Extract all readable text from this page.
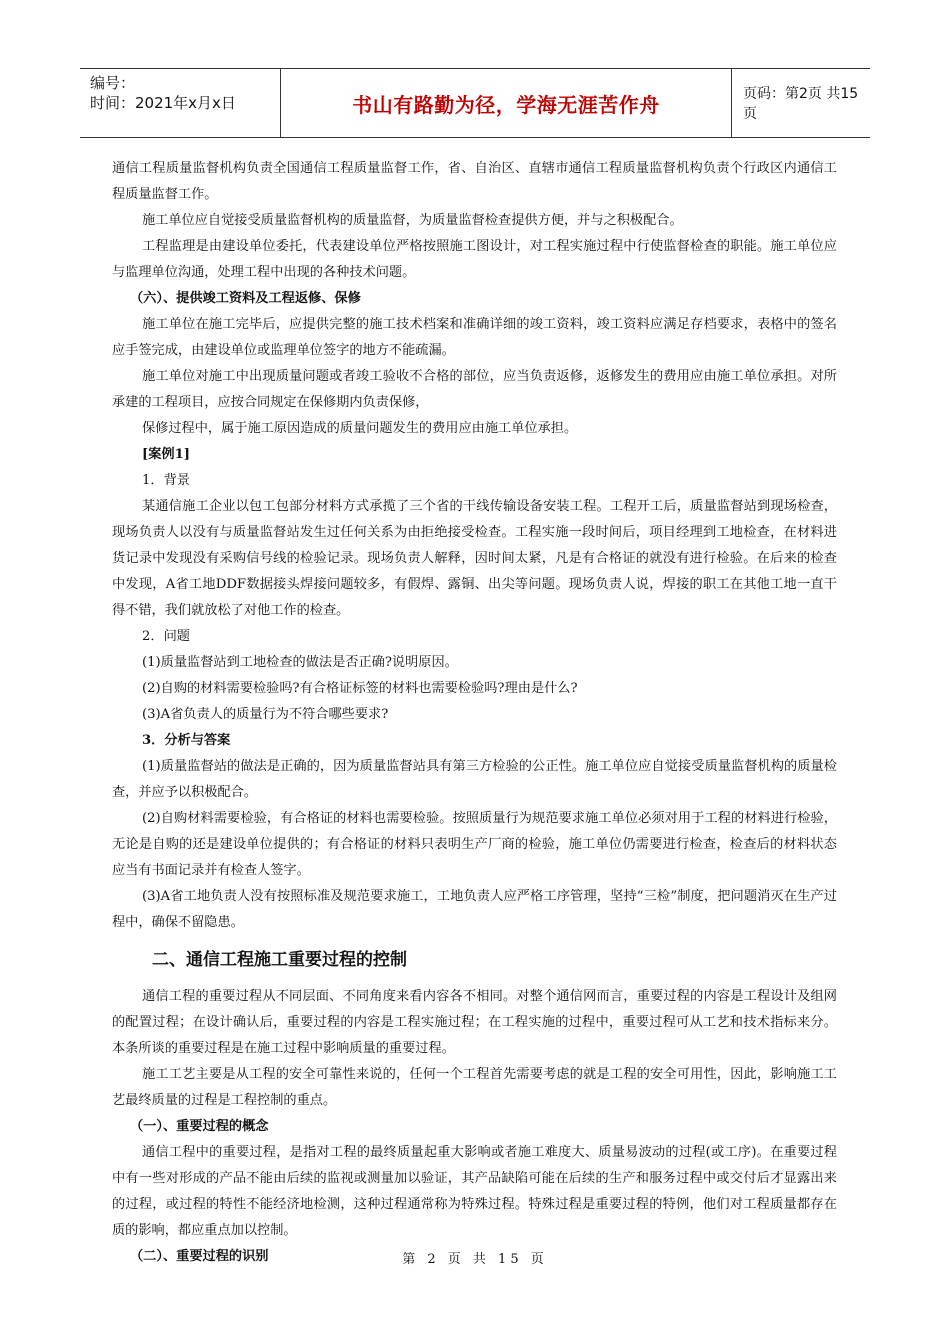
编号：
时间：2021年x月x日	书山有路勤为径，学海无涯苦作舟	页码：第2页 共15页

通信工程质量监督机构负责全国通信工程质量监督工作，省、自治区、直辖市通信工程质量监督机构负责个行政区内通信工程质量监督工作。

施工单位应自觉接受质量监督机构的质量监督，为质量监督检查提供方便，并与之积极配合。

工程监理是由建设单位委托，代表建设单位严格按照施工图设计，对工程实施过程中行使监督检查的职能。施工单位应与监理单位沟通，处理工程中出现的各种技术问题。

（六）、提供竣工资料及工程返修、保修

施工单位在施工完毕后，应提供完整的施工技术档案和准确详细的竣工资料，竣工资料应满足存档要求，表格中的签名应手签完成，由建设单位或监理单位签字的地方不能疏漏。

施工单位对施工中出现质量问题或者竣工验收不合格的部位，应当负责返修，返修发生的费用应由施工单位承担。对所承建的工程项目，应按合同规定在保修期内负责保修，

保修过程中，属于施工原因造成的质量问题发生的费用应由施工单位承担。

[案例1]

1．背景

某通信施工企业以包工包部分材料方式承揽了三个省的干线传输设备安装工程。工程开工后，质量监督站到现场检查，现场负责人以没有与质量监督站发生过任何关系为由拒绝接受检查。工程实施一段时间后，项目经理到工地检查，在材料进货记录中发现没有采购信号线的检验记录。现场负责人解释，因时间太紧，凡是有合格证的就没有进行检验。在后来的检查中发现，A省工地DDF数据接头焊接问题较多，有假焊、露铜、出尖等问题。现场负责人说，焊接的职工在其他工地一直干得不错，我们就放松了对他工作的检查。

2．问题

(1)质量监督站到工地检查的做法是否正确?说明原因。

(2)自购的材料需要检验吗?有合格证标签的材料也需要检验吗?理由是什么?

(3)A省负责人的质量行为不符合哪些要求?

3．分析与答案

(1)质量监督站的做法是正确的，因为质量监督站具有第三方检验的公正性。施工单位应自觉接受质量监督机构的质量检查，并应予以积极配合。

(2)自购材料需要检验，有合格证的材料也需要检验。按照质量行为规范要求施工单位必须对用于工程的材料进行检验，无论是自购的还是建设单位提供的；有合格证的材料只表明生产厂商的检验，施工单位仍需要进行检查，检查后的材料状态应当有书面记录并有检查人签字。

(3)A省工地负责人没有按照标准及规范要求施工，工地负责人应严格工序管理，坚持“三检”制度，把问题消灭在生产过程中，确保不留隐患。

二、通信工程施工重要过程的控制

通信工程的重要过程从不同层面、不同角度来看内容各不相同。对整个通信网而言，重要过程的内容是工程设计及组网的配置过程；在设计确认后，重要过程的内容是工程实施过程；在工程实施的过程中，重要过程可从工艺和技术指标来分。本条所谈的重要过程是在施工过程中影响质量的重要过程。

施工工艺主要是从工程的安全可靠性来说的，任何一个工程首先需要考虑的就是工程的安全可用性，因此，影响施工工艺最终质量的过程是工程控制的重点。

（一）、重要过程的概念

通信工程中的重要过程，是指对工程的最终质量起重大影响或者施工难度大、质量易波动的过程(或工序)。在重要过程中有一些对形成的产品不能由后续的监视或测量加以验证，其产品缺陷可能在后续的生产和服务过程中或交付后才显露出来的过程，或过程的特性不能经济地检测，这种过程通常称为特殊过程。特殊过程是重要过程的特例，他们对工程质量都存在质的影响，都应重点加以控制。

（二）、重要过程的识别	第 2 页 共 15 页
